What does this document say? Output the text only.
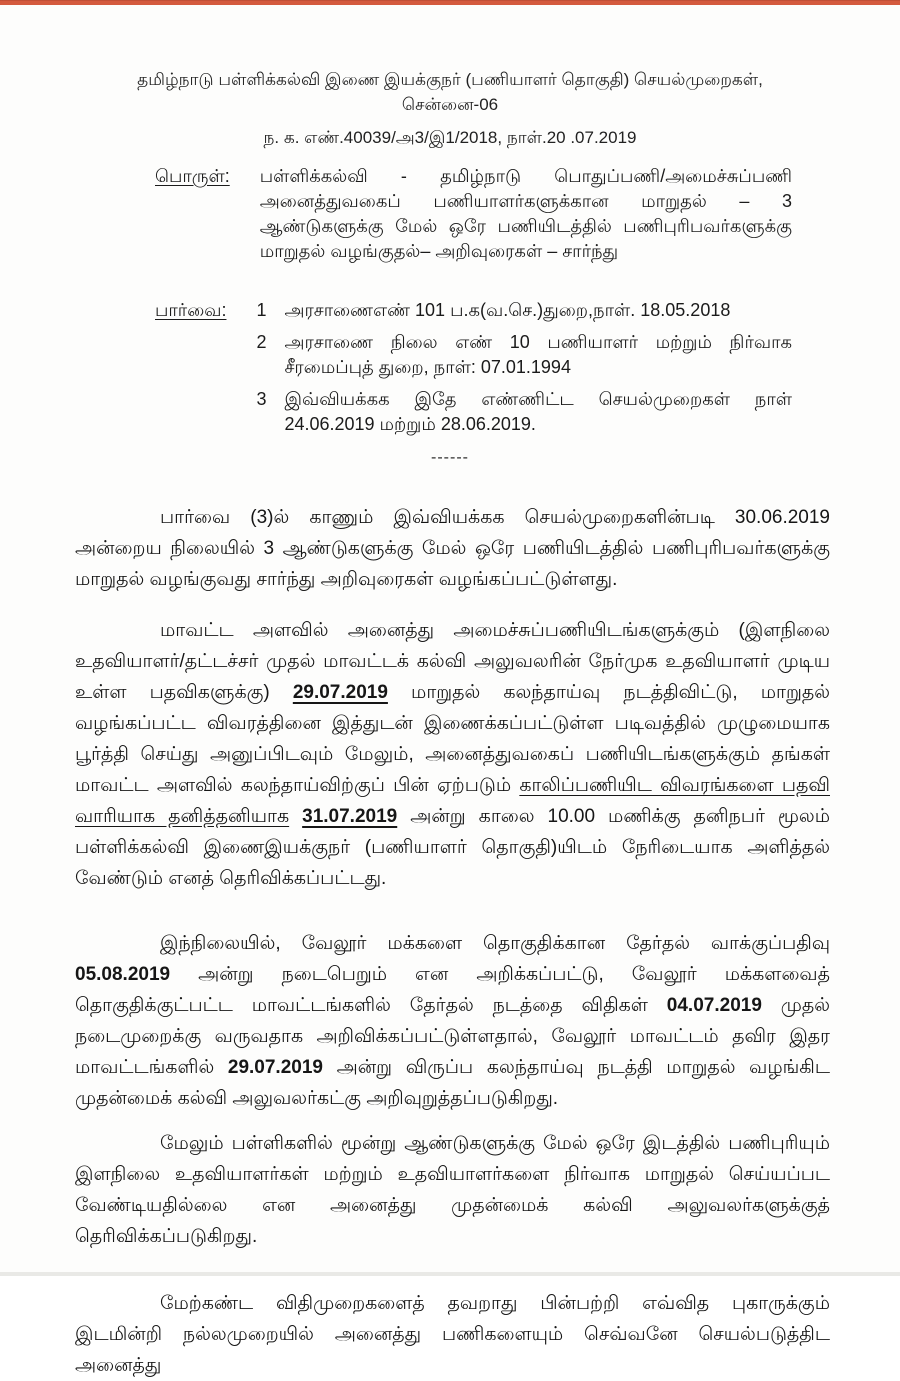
தமிழ்நாடு பள்ளிக்கல்வி இணை இயக்குநர் (பணியாளர் தொகுதி) செயல்முறைகள்,
சென்னை-06
ந. க. எண்.40039/அ3/இ1/2018, நாள்.20 .07.2019
பொருள்: பள்ளிக்கல்வி - தமிழ்நாடு பொதுப்பணி/அமைச்சுப்பணி அனைத்துவகைப் பணியாளர்களுக்கான மாறுதல் – 3 ஆண்டுகளுக்கு மேல் ஒரே பணியிடத்தில் பணிபுரிபவர்களுக்கு மாறுதல் வழங்குதல்– அறிவுரைகள் – சார்ந்து
பார்வை: 1 அரசாணைஎண் 101 ப.க(வ.செ.)துறை,நாள். 18.05.2018
2 அரசாணை நிலை எண் 10 பணியாளர் மற்றும் நிர்வாக சீரமைப்புத் துறை, நாள்: 07.01.1994
3 இவ்வியக்கக இதே எண்ணிட்ட செயல்முறைகள் நாள் 24.06.2019 மற்றும் 28.06.2019.
------

பார்வை (3)ல் காணும் இவ்வியக்கக செயல்முறைகளின்படி 30.06.2019 அன்றைய நிலையில் 3 ஆண்டுகளுக்கு மேல் ஒரே பணியிடத்தில் பணிபுரிபவர்களுக்கு மாறுதல் வழங்குவது சார்ந்து அறிவுரைகள் வழங்கப்பட்டுள்ளது.

மாவட்ட அளவில் அனைத்து அமைச்சுப்பணியிடங்களுக்கும் (இளநிலை உதவியாளர்/தட்டச்சர் முதல் மாவட்டக் கல்வி அலுவலரின் நேர்முக உதவியாளர் முடிய உள்ள பதவிகளுக்கு) 29.07.2019 மாறுதல் கலந்தாய்வு நடத்திவிட்டு, மாறுதல் வழங்கப்பட்ட விவரத்தினை இத்துடன் இணைக்கப்பட்டுள்ள படிவத்தில் முழுமையாக பூர்த்தி செய்து அனுப்பிடவும் மேலும், அனைத்துவகைப் பணியிடங்களுக்கும் தங்கள் மாவட்ட அளவில் கலந்தாய்விற்குப் பின் ஏற்படும் காலிப்பணியிட விவரங்களை பதவி வாரியாக தனித்தனியாக 31.07.2019 அன்று காலை 10.00 மணிக்கு தனிநபர் மூலம் பள்ளிக்கல்வி இணைஇயக்குநர் (பணியாளர் தொகுதி)யிடம் நேரிடையாக அளித்தல் வேண்டும் எனத் தெரிவிக்கப்பட்டது.

இந்நிலையில், வேலூர் மக்களை தொகுதிக்கான தேர்தல் வாக்குப்பதிவு 05.08.2019 அன்று நடைபெறும் என அறிக்கப்பட்டு, வேலூர் மக்களவைத் தொகுதிக்குட்பட்ட மாவட்டங்களில் தேர்தல் நடத்தை விதிகள் 04.07.2019 முதல் நடைமுறைக்கு வருவதாக அறிவிக்கப்பட்டுள்ளதால், வேலூர் மாவட்டம் தவிர இதர மாவட்டங்களில் 29.07.2019 அன்று விருப்ப கலந்தாய்வு நடத்தி மாறுதல் வழங்கிட முதன்மைக் கல்வி அலுவலர்கட்கு அறிவுறுத்தப்படுகிறது.

மேலும் பள்ளிகளில் மூன்று ஆண்டுகளுக்கு மேல் ஒரே இடத்தில் பணிபுரியும் இளநிலை உதவியாளர்கள் மற்றும் உதவியாளர்களை நிர்வாக மாறுதல் செய்யப்பட வேண்டியதில்லை என அனைத்து முதன்மைக் கல்வி அலுவலர்களுக்குத் தெரிவிக்கப்படுகிறது.

மேற்கண்ட விதிமுறைகளைத் தவறாது பின்பற்றி எவ்வித புகாருக்கும் இடமின்றி நல்லமுறையில் அனைத்து பணிகளையும் செவ்வனே செயல்படுத்திட அனைத்து
